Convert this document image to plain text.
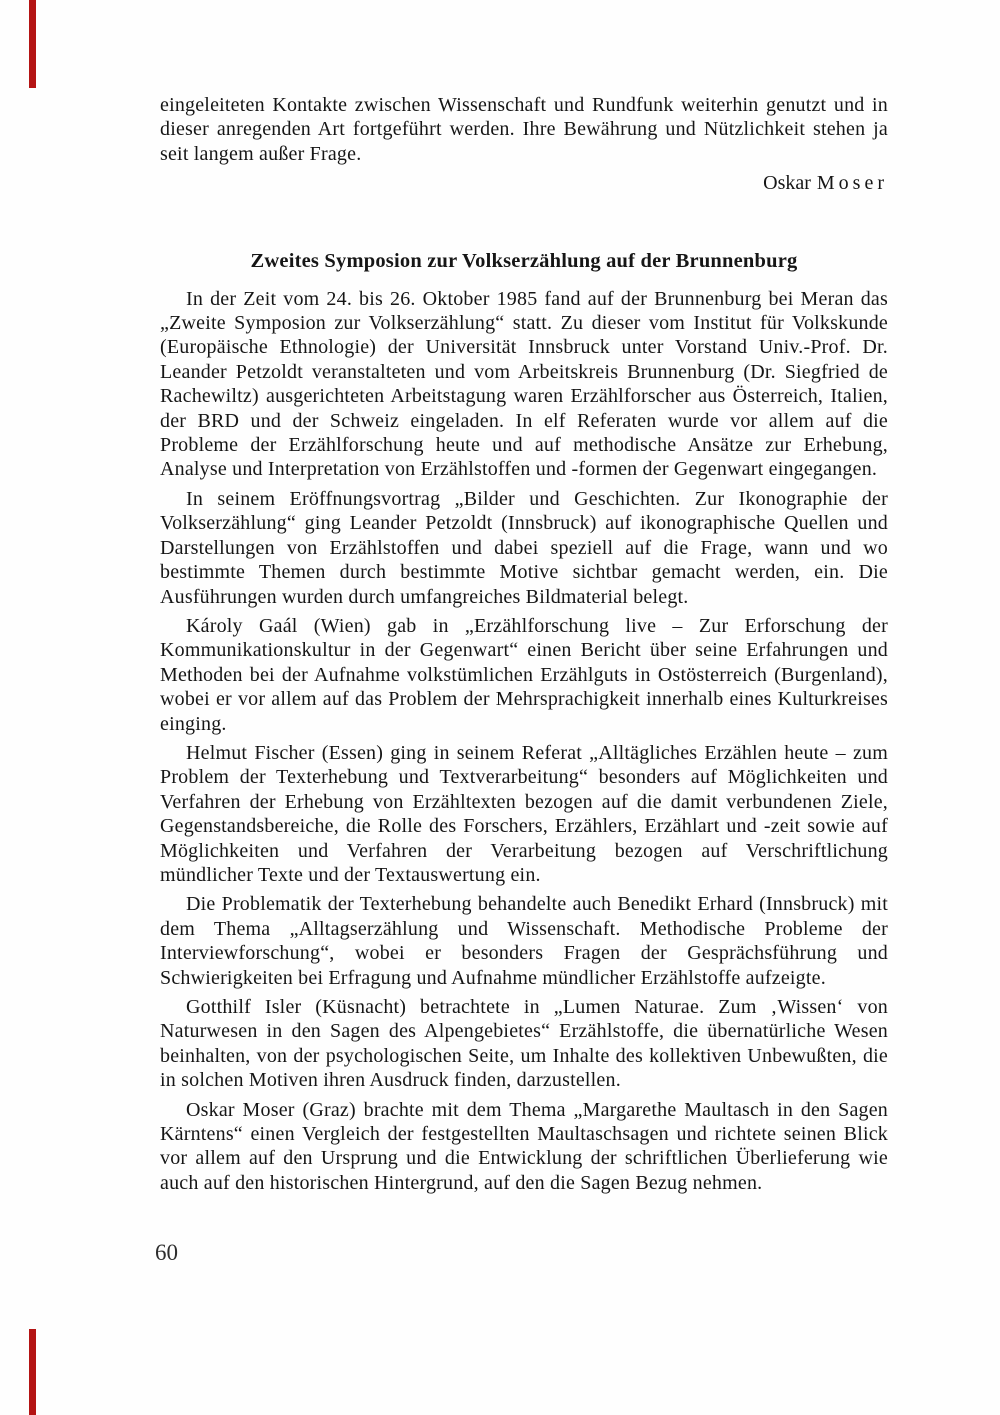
eingeleiteten Kontakte zwischen Wissenschaft und Rundfunk weiterhin genutzt und in dieser anregenden Art fortgeführt werden. Ihre Bewährung und Nützlichkeit stehen ja seit langem außer Frage.

Oskar Moser

Zweites Symposion zur Volkserzählung auf der Brunnenburg

In der Zeit vom 24. bis 26. Oktober 1985 fand auf der Brunnenburg bei Meran das „Zweite Symposion zur Volkserzählung“ statt. Zu dieser vom Institut für Volkskunde (Europäische Ethnologie) der Universität Innsbruck unter Vorstand Univ.-Prof. Dr. Leander Petzoldt veranstalteten und vom Arbeitskreis Brunnenburg (Dr. Siegfried de Rachewiltz) ausgerichteten Arbeitstagung waren Erzählforscher aus Österreich, Italien, der BRD und der Schweiz eingeladen. In elf Referaten wurde vor allem auf die Probleme der Erzählforschung heute und auf methodische Ansätze zur Erhebung, Analyse und Interpretation von Erzählstoffen und -formen der Gegenwart eingegangen.

In seinem Eröffnungsvortrag „Bilder und Geschichten. Zur Ikonographie der Volkserzählung“ ging Leander Petzoldt (Innsbruck) auf ikonographische Quellen und Darstellungen von Erzählstoffen und dabei speziell auf die Frage, wann und wo bestimmte Themen durch bestimmte Motive sichtbar gemacht werden, ein. Die Ausführungen wurden durch umfangreiches Bildmaterial belegt.

Károly Gaál (Wien) gab in „Erzählforschung live – Zur Erforschung der Kommunikationskultur in der Gegenwart“ einen Bericht über seine Erfahrungen und Methoden bei der Aufnahme volkstümlichen Erzählguts in Ostösterreich (Burgenland), wobei er vor allem auf das Problem der Mehrsprachigkeit innerhalb eines Kulturkreises einging.

Helmut Fischer (Essen) ging in seinem Referat „Alltägliches Erzählen heute – zum Problem der Texterhebung und Textverarbeitung“ besonders auf Möglichkeiten und Verfahren der Erhebung von Erzähltexten bezogen auf die damit verbundenen Ziele, Gegenstandsbereiche, die Rolle des Forschers, Erzählers, Erzählart und -zeit sowie auf Möglichkeiten und Verfahren der Verarbeitung bezogen auf Verschriftlichung mündlicher Texte und der Textauswertung ein.

Die Problematik der Texterhebung behandelte auch Benedikt Erhard (Innsbruck) mit dem Thema „Alltagserzählung und Wissenschaft. Methodische Probleme der Interviewforschung“, wobei er besonders Fragen der Gesprächsführung und Schwierigkeiten bei Erfragung und Aufnahme mündlicher Erzählstoffe aufzeigte.

Gotthilf Isler (Küsnacht) betrachtete in „Lumen Naturae. Zum ‚Wissen‘ von Naturwesen in den Sagen des Alpengebietes“ Erzählstoffe, die übernatürliche Wesen beinhalten, von der psychologischen Seite, um Inhalte des kollektiven Unbewußten, die in solchen Motiven ihren Ausdruck finden, darzustellen.

Oskar Moser (Graz) brachte mit dem Thema „Margarethe Maultasch in den Sagen Kärntens“ einen Vergleich der festgestellten Maultaschsagen und richtete seinen Blick vor allem auf den Ursprung und die Entwicklung der schriftlichen Überlieferung wie auch auf den historischen Hintergrund, auf den die Sagen Bezug nehmen.

60
